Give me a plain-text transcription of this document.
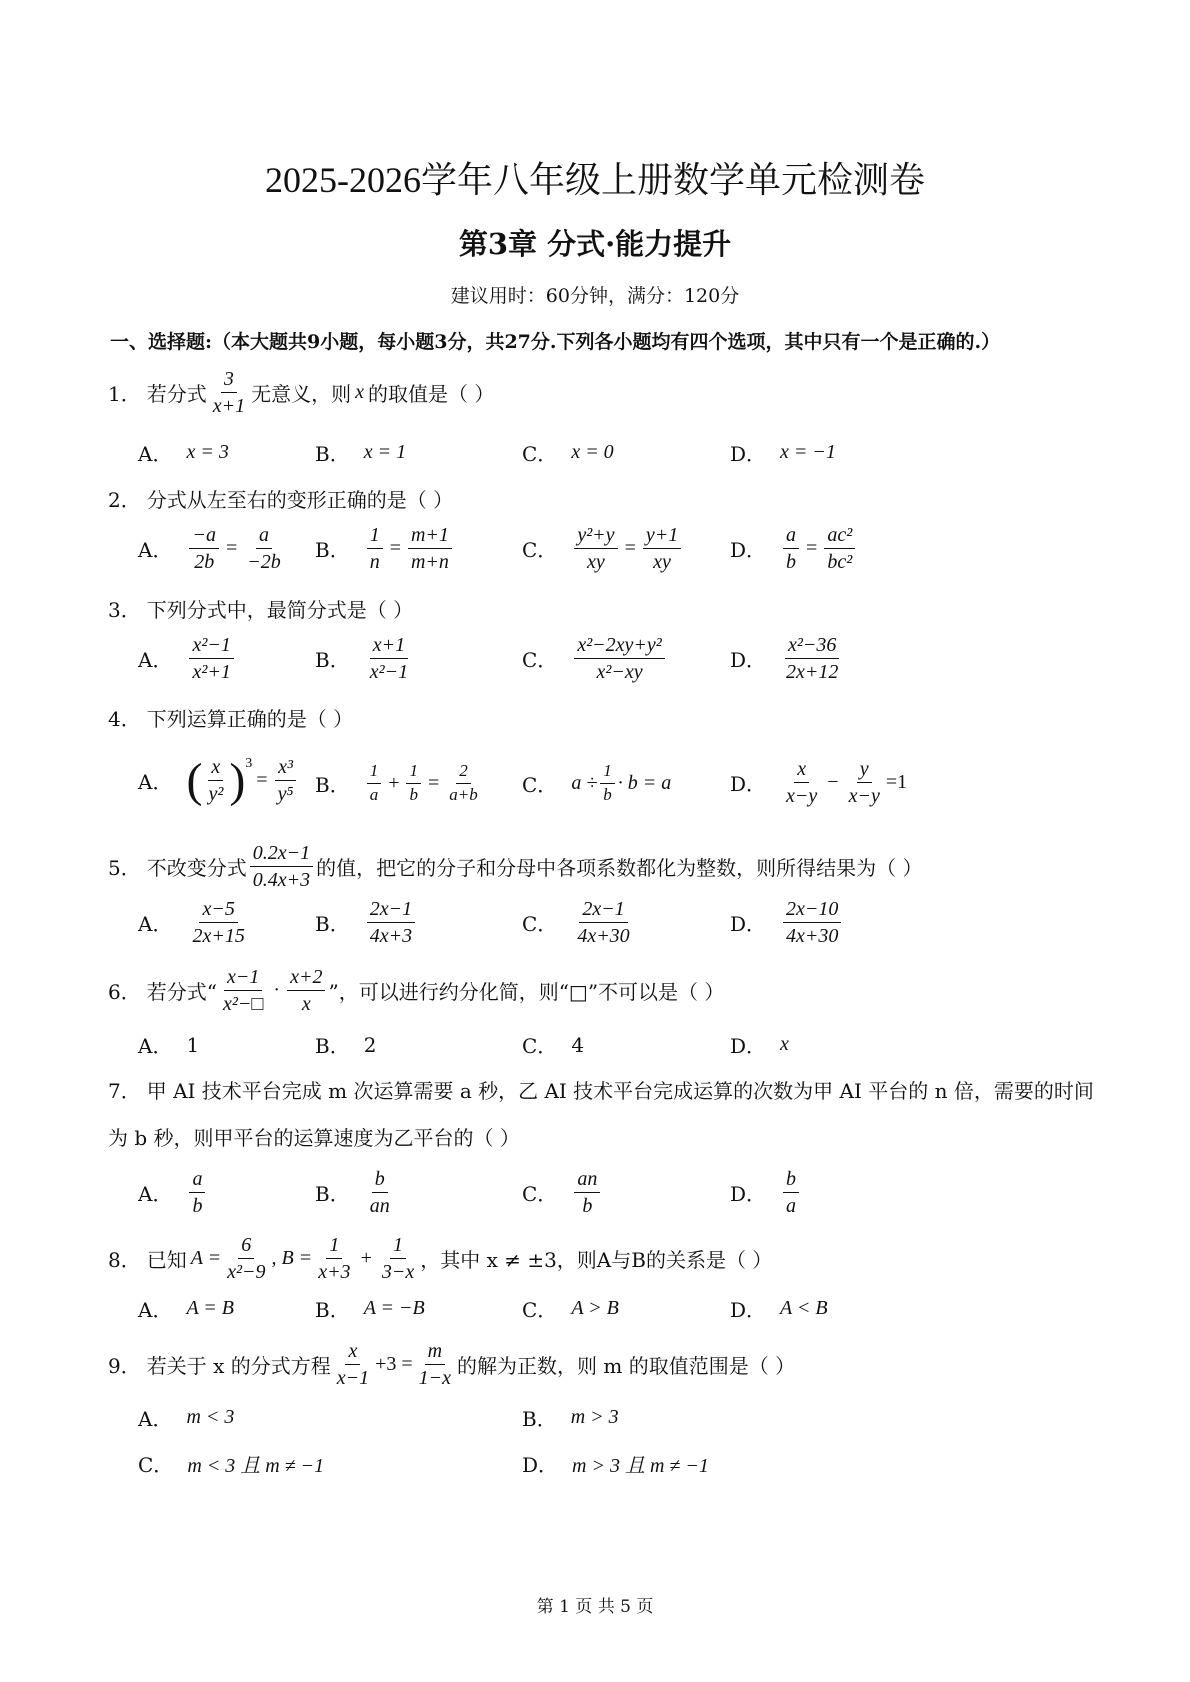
2025-2026学年八年级上册数学单元检测卷
第3章 分式·能力提升
建议用时：60分钟，满分：120分
一、选择题:（本大题共9小题，每小题3分，共27分.下列各小题均有四个选项，其中只有一个是正确的.）
1． 若分式
3
x+1 无意义，则 x 的取值是（ ）
A． x = 3	B． x = 1	C． x = 0	D． x = −1
2． 分式从左至右的变形正确的是（ ）
A． $\frac{-a}{2b} = \frac{a}{-2b}$ B． $\frac{1}{n} = \frac{m+1}{m+n}$	C． $\frac{\text{y²+y}}{xy} = \frac{y+1}{xy}$ D． $\frac{a}{b} = \frac{\text{ac²}}{\text{bc²}}$
3． 下列分式中，最简分式是（ ）
A．
x²−1
x²+1	B．
x+1
x²−1	C．
x²−2xy+y²
x²−xy	D．
x²−36
2x+12
4． 下列运算正确的是（ ）
A． ( x
y² )$^3$
= $\frac{\text{x³}}{\text{y⁵}}$ B．
1
a
+ $\frac{1}{b} = \frac{2}{a+b}$ C． $a \div \frac{1}{b} \cdot b = a$	D．
x
x−y
− $\frac{y}{x-y} =1$
5． 不改变分式
0.2x−1
0.4x+3 的值，把它的分子和分母中各项系数都化为整数，则所得结果为（ ）
A．
x−5
2x+15	B．
2x−1
4x+3	C．
2x−1
4x+30	D．
2x−10
4x+30
6． 若分式“
x−1
x²−□
·
x+2
x ”，可以进行约分化简，则“□”不可以是（ ）
A． 1	B． 2	C． 4	D． x
7． 甲 AI 技术平台完成 m 次运算需要 a 秒，乙 AI 技术平台完成运算的次数为甲 AI 平台的 n 倍，需要的时间
为 b 秒，则甲平台的运算速度为乙平台的（ ）
A．
a
b	B．
b
an	C．
an
b	D．
b
a
8． 已知 $A = \frac{6}{\text{x²−9}}$ , $B = \frac{1}{x+3} + \frac{1}{3-x}$ ，其中 x ≠ ±3，则A与B的关系是（ ）
A． A = B	B． A = −B	C． A > B	D． A < B
9． 若关于 x 的分式方程
x
x−1
$+3 = \frac{m}{1-x}$ 的解为正数，则 m 的取值范围是（ ）
A． m < 3	B． m > 3
C． m < 3 且 m ≠ −1	D． m > 3 且 m ≠ −1
第 1 页 共 5 页
